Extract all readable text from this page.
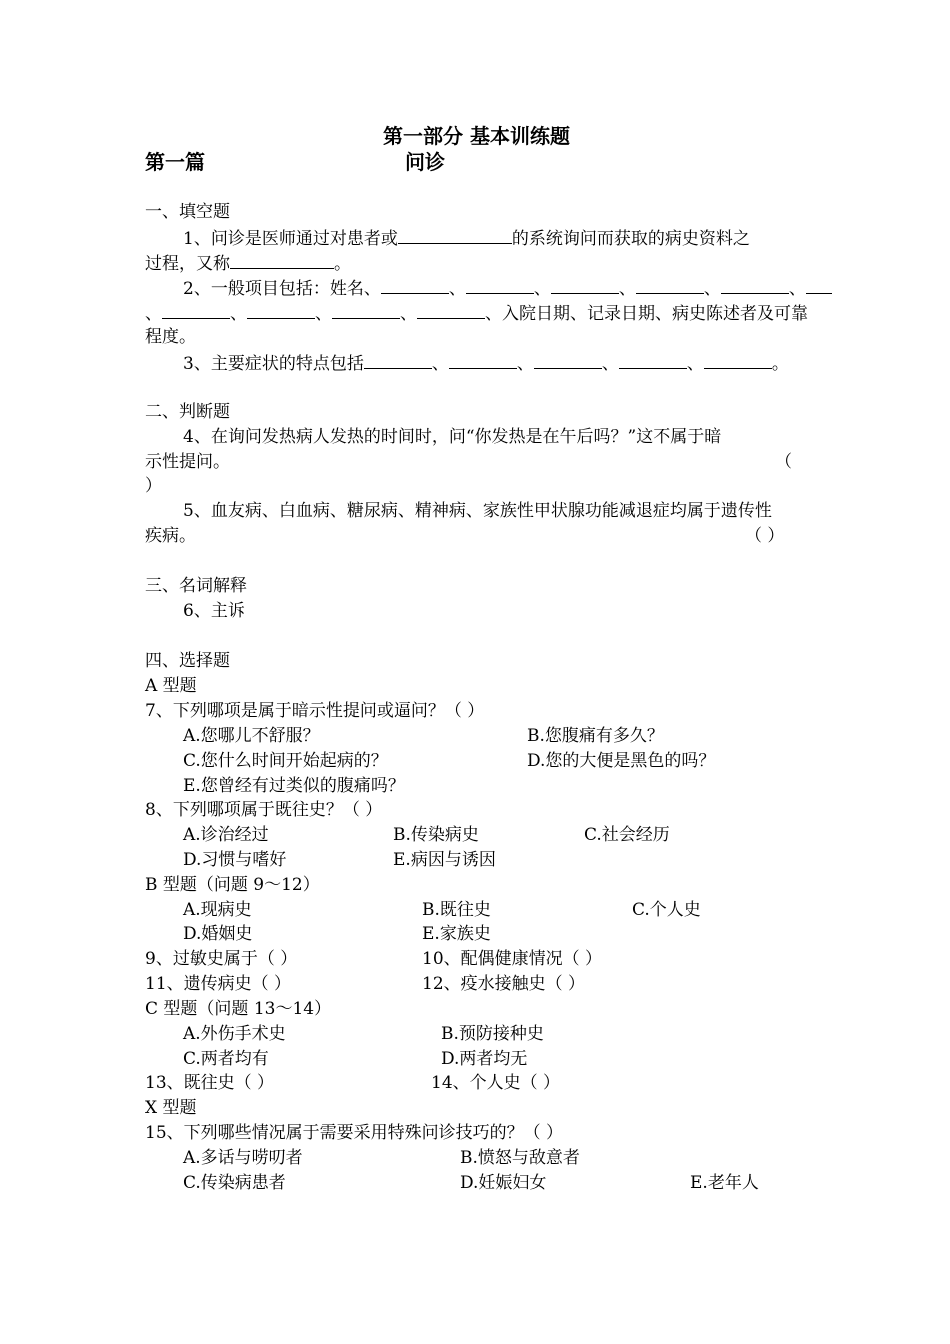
第一部分 基本训练题
第一篇	问诊
一、填空题
1、问诊是医师通过对患者或	的系统询问而获取的病史资料之
过程，又称	。
2、一般项目包括：姓名、	、	、	、	、	、
、	、	、	、	、入院日期、记录日期、病史陈述者及可靠
程度。
3、主要症状的特点包括	、	、	、	、	。
二、判断题
4、在询问发热病人发热的时间时，问“你发热是在午后吗？”这不属于暗
示性提问。	（
）
5、血友病、白血病、糖尿病、精神病、家族性甲状腺功能减退症均属于遗传性
疾病。	（ ）
三、名词解释
6、主诉
四、选择题
A 型题
7、下列哪项是属于暗示性提问或逼问？（ ）
A.您哪儿不舒服？	B.您腹痛有多久？
C.您什么时间开始起病的？	D.您的大便是黑色的吗？
E.您曾经有过类似的腹痛吗？
8、下列哪项属于既往史？（ ）
A.诊治经过	B.传染病史	C.社会经历
D.习惯与嗜好	E.病因与诱因
B 型题（问题 9～12）
A.现病史	B.既往史	C.个人史
D.婚姻史	E.家族史
9、过敏史属于（ ）	10、配偶健康情况（ ）
11、遗传病史（ ）	12、疫水接触史（ ）
C 型题（问题 13～14）
A.外伤手术史	B.预防接种史
C.两者均有	D.两者均无
13、既往史（ ）	14、个人史（ ）
X 型题
15、下列哪些情况属于需要采用特殊问诊技巧的？（ ）
A.多话与唠叨者	B.愤怒与敌意者
C.传染病患者	D.妊娠妇女	E.老年人
